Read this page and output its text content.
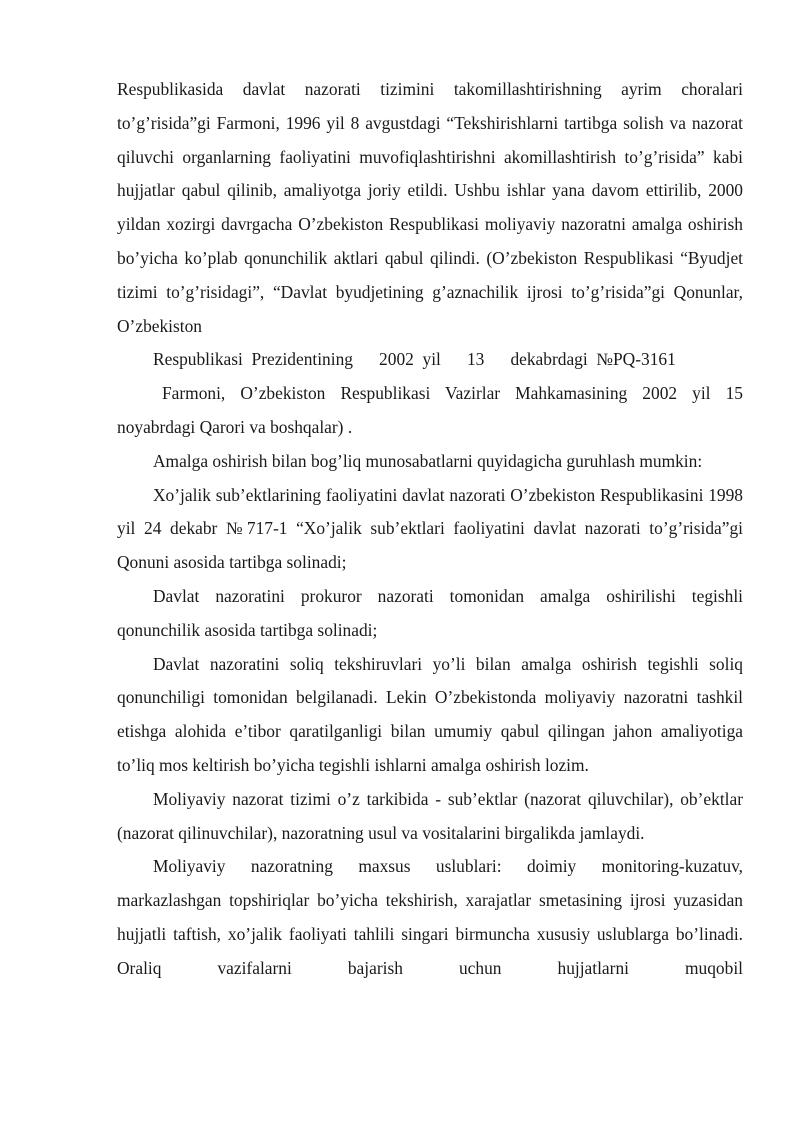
Respublikasida davlat nazorati tizimini takomillashtirishning ayrim choralari to’g’risida”gi Farmoni, 1996 yil 8 avgustdagi “Tekshirishlarni tartibga solish va nazorat qiluvchi organlarning faoliyatini muvofiqlashtirishni akomillashtirish to’g’risida” kabi hujjatlar qabul qilinib, amaliyotga joriy etildi. Ushbu ishlar yana davom ettirilib, 2000 yildan xozirgi davrgacha O’zbekiston Respublikasi moliyaviy nazoratni amalga oshirish bo’yicha ko’plab qonunchilik aktlari qabul qilindi. (O’zbekiston Respublikasi “Byudjet tizimi to’g’risidagi”, “Davlat byudjetining g’aznachilik ijrosi to’g’risida”gi Qonunlar, O’zbekiston

Respublikasi  Prezidentining      2002  yil      13      dekabrdagi  №PQ-3161

Farmoni, O’zbekiston Respublikasi Vazirlar Mahkamasining 2002 yil 15 noyabrdagi Qarori va boshqalar) .

Amalga oshirish bilan bog’liq munosabatlarni quyidagicha guruhlash mumkin:

Xo’jalik sub’ektlarining faoliyatini davlat nazorati O’zbekiston Respublikasini 1998 yil 24 dekabr №717-1 “Xo’jalik sub’ektlari faoliyatini davlat nazorati to’g’risida”gi Qonuni asosida tartibga solinadi;

Davlat nazoratini prokuror nazorati tomonidan amalga oshirilishi tegishli qonunchilik asosida tartibga solinadi;

Davlat nazoratini soliq tekshiruvlari yo’li bilan amalga oshirish tegishli soliq qonunchiligi tomonidan belgilanadi. Lekin O’zbekistonda moliyaviy nazoratni tashkil etishga alohida e’tibor qaratilganligi bilan umumiy qabul qilingan jahon amaliyotiga to’liq mos keltirish bo’yicha tegishli ishlarni amalga oshirish lozim.

Moliyaviy nazorat tizimi o’z tarkibida - sub’ektlar (nazorat qiluvchilar), ob’ektlar (nazorat qilinuvchilar), nazoratning usul va vositalarini birgalikda jamlaydi.

Moliyaviy nazoratning maxsus uslublari: doimiy monitoring-kuzatuv, markazlashgan topshiriqlar bo’yicha tekshirish, xarajatlar smetasining ijrosi yuzasidan hujjatli taftish, xo’jalik faoliyati tahlili singari birmuncha xususiy uslublarga bo’linadi. Oraliq vazifalarni bajarish uchun hujjatlarni muqobil
